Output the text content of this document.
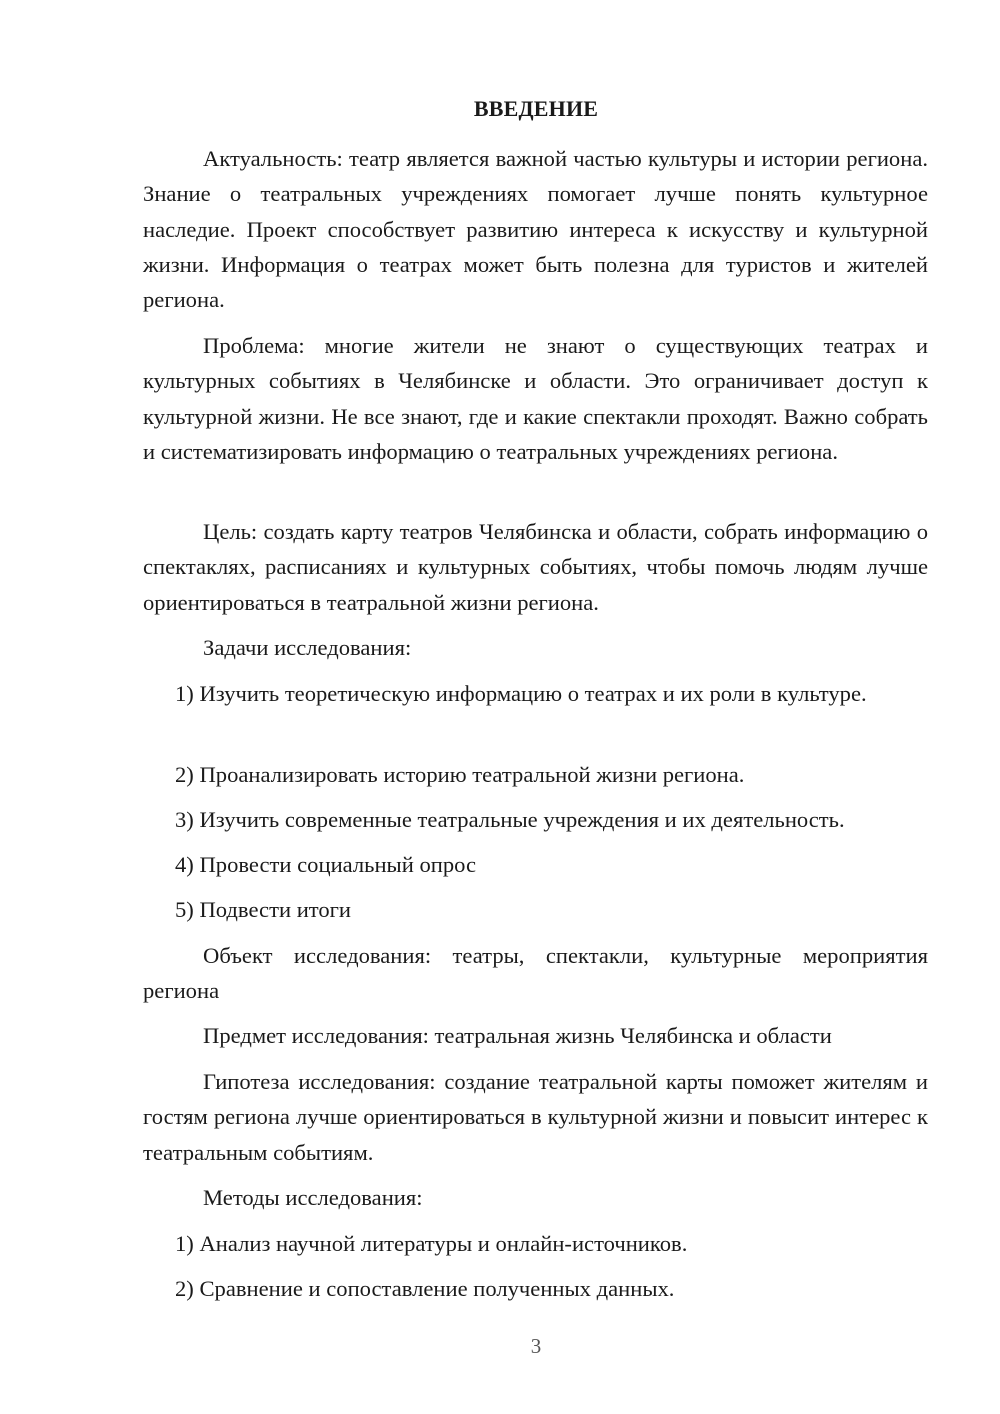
ВВЕДЕНИЕ

Актуальность: театр является важной частью культуры и истории региона. Знание о театральных учреждениях помогает лучше понять культурное наследие. Проект способствует развитию интереса к искусству и культурной жизни. Информация о театрах может быть полезна для туристов и жителей региона.

Проблема: многие жители не знают о существующих театрах и культурных событиях в Челябинске и области. Это ограничивает доступ к культурной жизни. Не все знают, где и какие спектакли проходят. Важно собрать и систематизировать информацию о театральных учреждениях региона.

Цель: создать карту театров Челябинска и области, собрать информацию о спектаклях, расписаниях и культурных событиях, чтобы помочь людям лучше ориентироваться в театральной жизни региона.

Задачи исследования:

1) Изучить теоретическую информацию о театрах и их роли в культуре.

2) Проанализировать историю театральной жизни региона.

3) Изучить современные театральные учреждения и их деятельность.

4) Провести социальный опрос

5) Подвести итоги

Объект исследования: театры, спектакли, культурные мероприятия региона

Предмет исследования: театральная жизнь Челябинска и области

Гипотеза исследования: создание театральной карты поможет жителям и гостям региона лучше ориентироваться в культурной жизни и повысит интерес к театральным событиям.

Методы исследования:

1) Анализ научной литературы и онлайн-источников.

2) Сравнение и сопоставление полученных данных.

3
